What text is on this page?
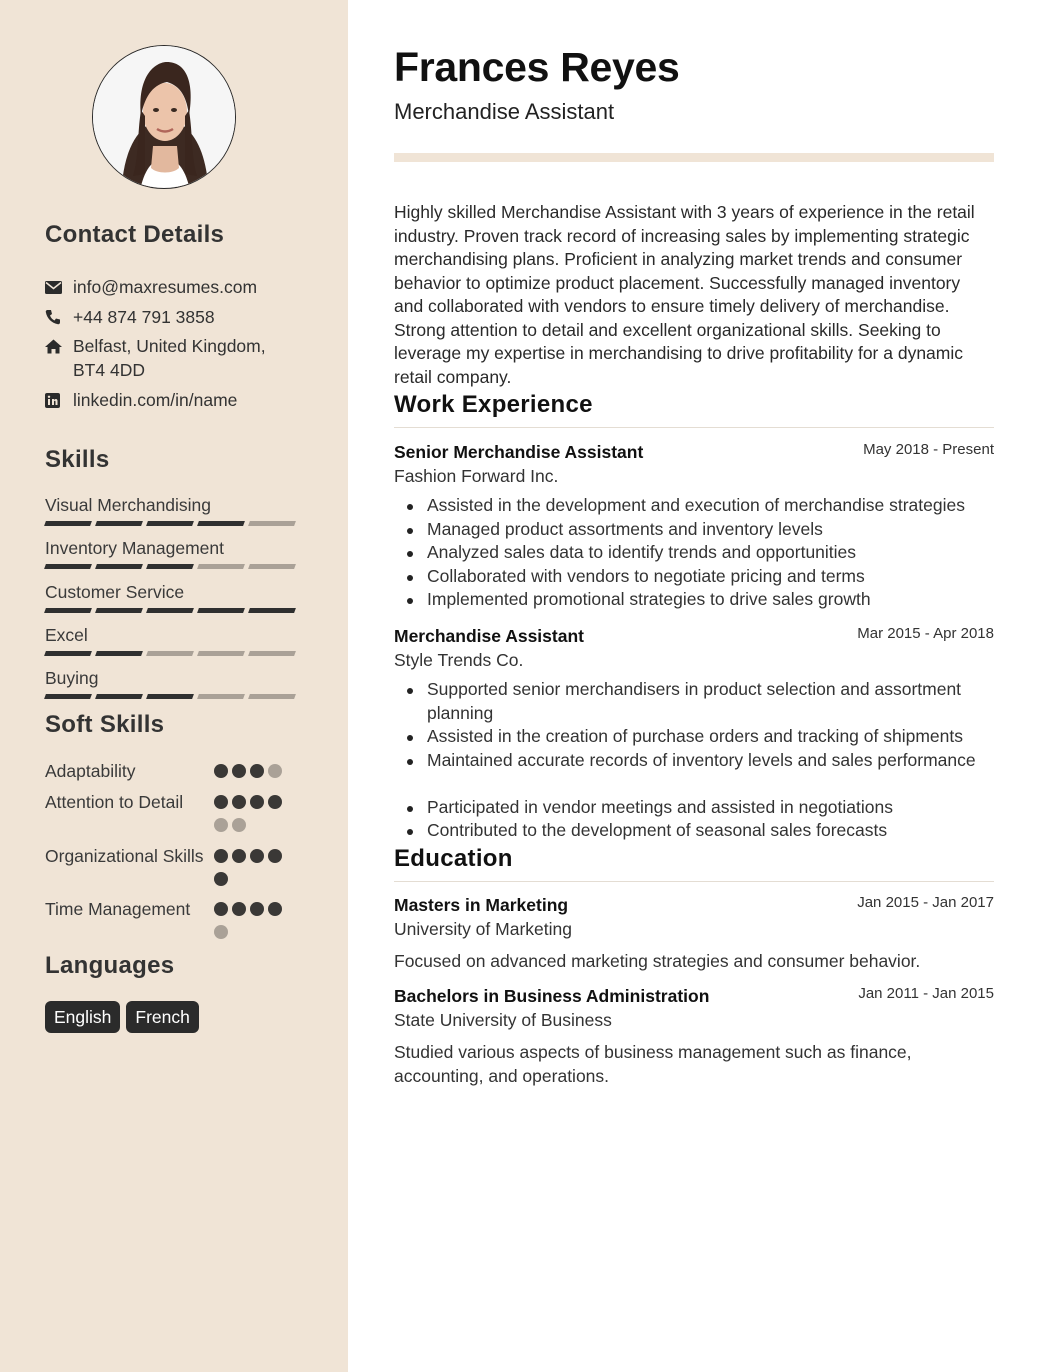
Contact Details
info@maxresumes.com
+44 874 791 3858
Belfast, United Kingdom, BT4 4DD
linkedin.com/in/name
Skills
Visual Merchandising
Inventory Management
Customer Service
Excel
Buying
Soft Skills
Adaptability
Attention to Detail
Organizational Skills
Time Management
Languages
English	French
Frances Reyes
Merchandise Assistant
Highly skilled Merchandise Assistant with 3 years of experience in the retail industry. Proven track record of increasing sales by implementing strategic merchandising plans. Proficient in analyzing market trends and consumer behavior to optimize product placement. Successfully managed inventory and collaborated with vendors to ensure timely delivery of merchandise. Strong attention to detail and excellent organizational skills. Seeking to leverage my expertise in merchandising to drive profitability for a dynamic retail company.
Work Experience
Senior Merchandise Assistant	May 2018 - Present
Fashion Forward Inc.
Assisted in the development and execution of merchandise strategies
Managed product assortments and inventory levels
Analyzed sales data to identify trends and opportunities
Collaborated with vendors to negotiate pricing and terms
Implemented promotional strategies to drive sales growth
Merchandise Assistant	Mar 2015 - Apr 2018
Style Trends Co.
Supported senior merchandisers in product selection and assortment planning
Assisted in the creation of purchase orders and tracking of shipments
Maintained accurate records of inventory levels and sales performance
Participated in vendor meetings and assisted in negotiations
Contributed to the development of seasonal sales forecasts
Education
Masters in Marketing	Jan 2015 - Jan 2017
University of Marketing
Focused on advanced marketing strategies and consumer behavior.
Bachelors in Business Administration	Jan 2011 - Jan 2015
State University of Business
Studied various aspects of business management such as finance, accounting, and operations.
